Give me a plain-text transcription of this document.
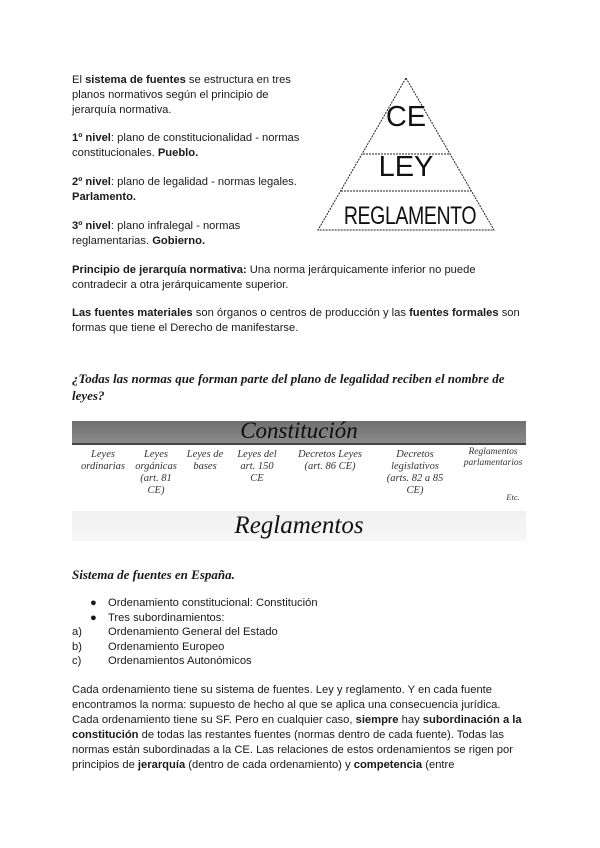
El sistema de fuentes se estructura en tres
planos normativos según el principio de
jerarquía normativa.
1º nivel: plano de constitucionalidad - normas
constitucionales. Pueblo.
2º nivel: plano de legalidad - normas legales.
Parlamento.
3º nivel: plano infralegal - normas
reglamentarias. Gobierno.
CE
LEY
REGLAMENTO
Principio de jerarquía normativa: Una norma jerárquicamente inferior no puede
contradecir a otra jerárquicamente superior.
Las fuentes materiales son órganos o centros de producción y las fuentes formales son
formas que tiene el Derecho de manifestarse.
¿Todas las normas que forman parte del plano de legalidad reciben el nombre de
leyes?
Constitución
Reglamentos
Leyes
ordinarias
Leyes
orgánicas
(art. 81
CE)
Leyes de
bases
Leyes del
art. 150
CE
Decretos Leyes
(art. 86 CE)
Decretos
legislativos
(arts. 82 a 85
CE)
Reglamentos
parlamentarios
Etc.
Sistema de fuentes en España.
● Ordenamiento constitucional: Constitución
● Tres subordinamientos:
a) Ordenamiento General del Estado
b) Ordenamiento Europeo
c) Ordenamientos Autonómicos
Cada ordenamiento tiene su sistema de fuentes. Ley y reglamento. Y en cada fuente
encontramos la norma: supuesto de hecho al que se aplica una consecuencia jurídica.
Cada ordenamiento tiene su SF. Pero en cualquier caso, siempre hay subordinación a la
constitución de todas las restantes fuentes (normas dentro de cada fuente). Todas las
normas están subordinadas a la CE. Las relaciones de estos ordenamientos se rigen por
principios de jerarquía (dentro de cada ordenamiento) y competencia (entre
